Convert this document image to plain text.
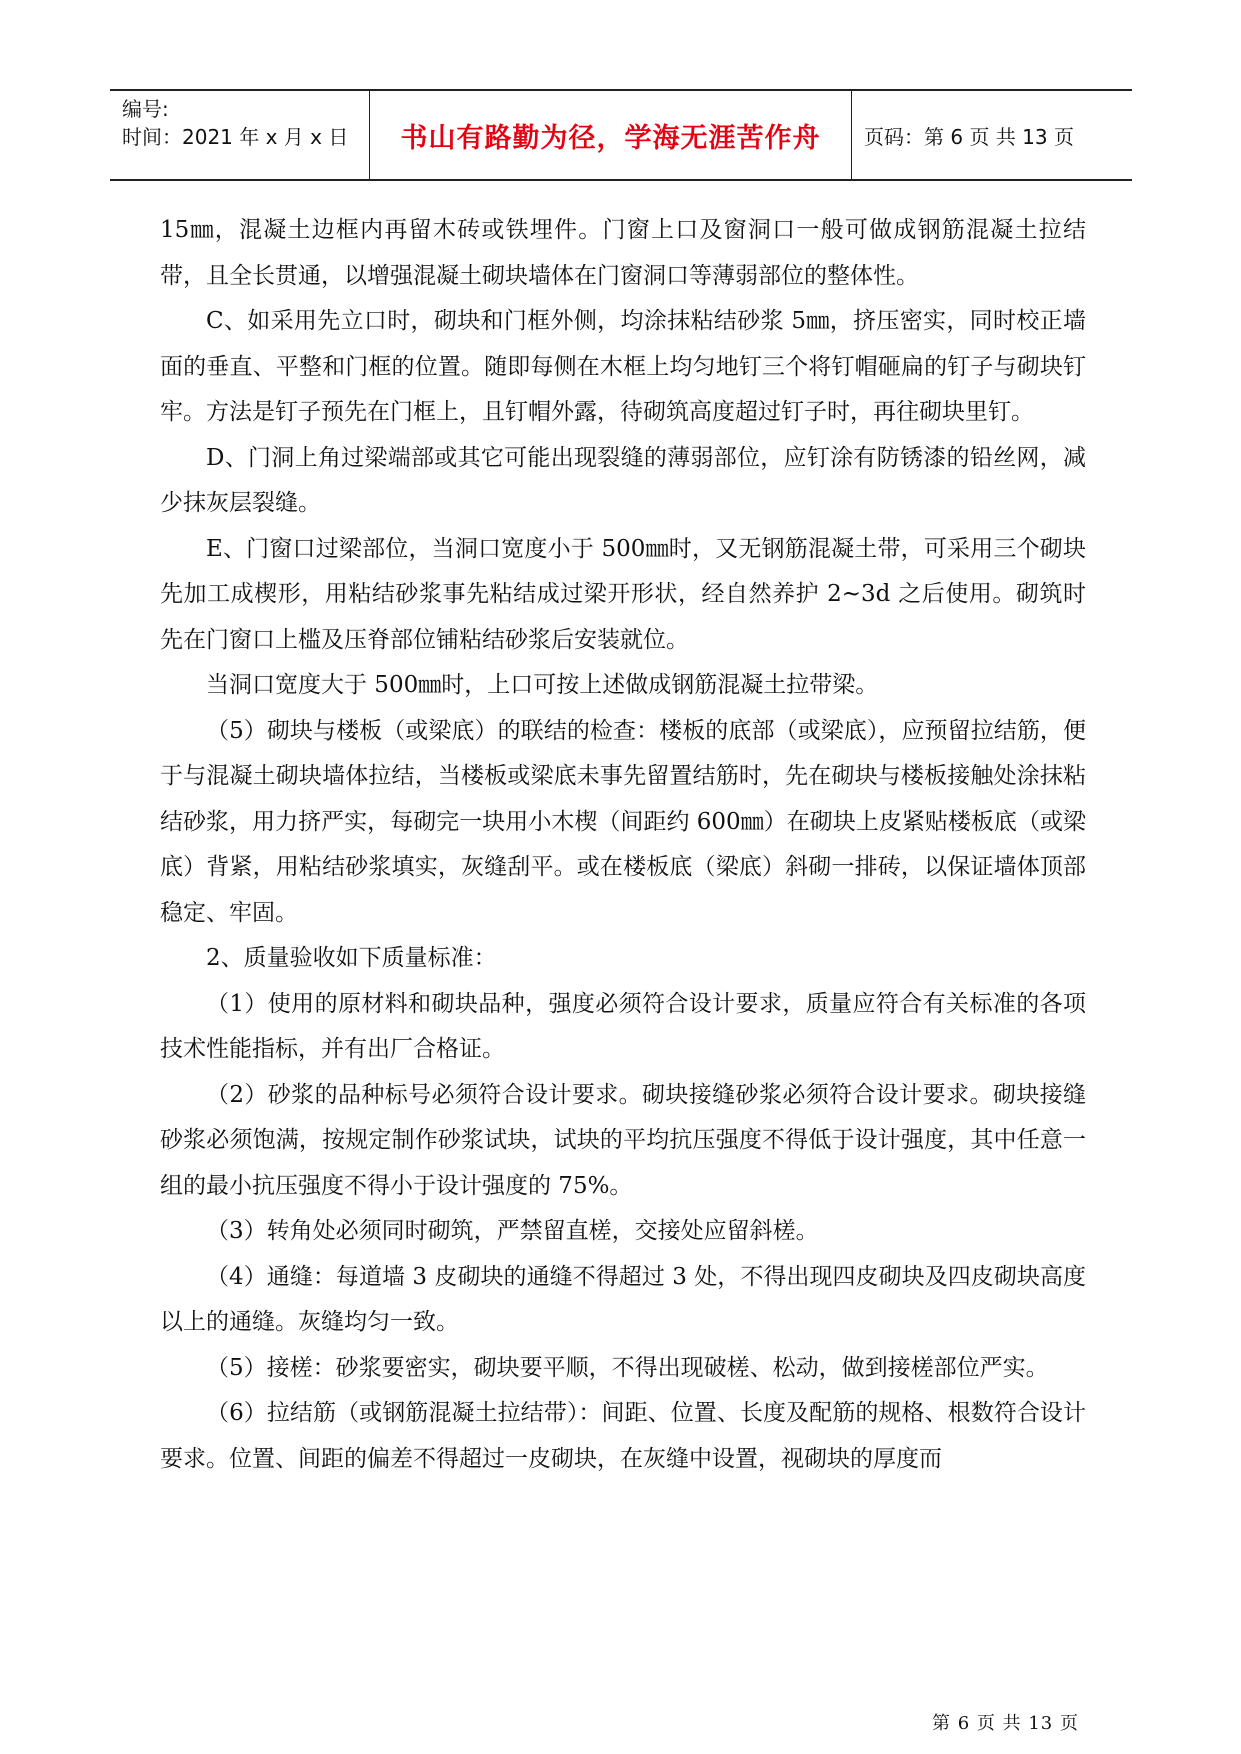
编号:
时间：2021 年 x 月 x 日 书山有路勤为径，学海无涯苦作舟 页码：第 6 页 共 13 页

15㎜，混凝土边框内再留木砖或铁埋件。门窗上口及窗洞口一般可做成钢筋混凝土拉结带，且全长贯通，以增强混凝土砌块墙体在门窗洞口等薄弱部位的整体性。

C、如采用先立口时，砌块和门框外侧，均涂抹粘结砂浆 5㎜，挤压密实，同时校正墙面的垂直、平整和门框的位置。随即每侧在木框上均匀地钉三个将钉帽砸扁的钉子与砌块钉牢。方法是钉子预先在门框上，且钉帽外露，待砌筑高度超过钉子时，再往砌块里钉。

D、门洞上角过梁端部或其它可能出现裂缝的薄弱部位，应钉涂有防锈漆的铅丝网，减少抹灰层裂缝。

E、门窗口过梁部位，当洞口宽度小于 500㎜时，又无钢筋混凝土带，可采用三个砌块先加工成楔形，用粘结砂浆事先粘结成过梁开形状，经自然养护 2~3d 之后使用。砌筑时先在门窗口上槛及压脊部位铺粘结砂浆后安装就位。

当洞口宽度大于 500㎜时，上口可按上述做成钢筋混凝土拉带梁。

（5）砌块与楼板（或梁底）的联结的检查：楼板的底部（或梁底），应预留拉结筋，便于与混凝土砌块墙体拉结，当楼板或梁底未事先留置结筋时，先在砌块与楼板接触处涂抹粘结砂浆，用力挤严实，每砌完一块用小木楔（间距约 600㎜）在砌块上皮紧贴楼板底（或梁底）背紧，用粘结砂浆填实，灰缝刮平。或在楼板底（梁底）斜砌一排砖，以保证墙体顶部稳定、牢固。

2、质量验收如下质量标准：

（1）使用的原材料和砌块品种，强度必须符合设计要求，质量应符合有关标准的各项技术性能指标，并有出厂合格证。

（2）砂浆的品种标号必须符合设计要求。砌块接缝砂浆必须符合设计要求。砌块接缝砂浆必须饱满，按规定制作砂浆试块，试块的平均抗压强度不得低于设计强度，其中任意一组的最小抗压强度不得小于设计强度的 75%。

（3）转角处必须同时砌筑，严禁留直槎，交接处应留斜槎。

（4）通缝：每道墙 3 皮砌块的通缝不得超过 3 处，不得出现四皮砌块及四皮砌块高度以上的通缝。灰缝均匀一致。

（5）接槎：砂浆要密实，砌块要平顺，不得出现破槎、松动，做到接槎部位严实。

（6）拉结筋（或钢筋混凝土拉结带）：间距、位置、长度及配筋的规格、根数符合设计要求。位置、间距的偏差不得超过一皮砌块，在灰缝中设置，视砌块的厚度而

第 6 页 共 13 页
